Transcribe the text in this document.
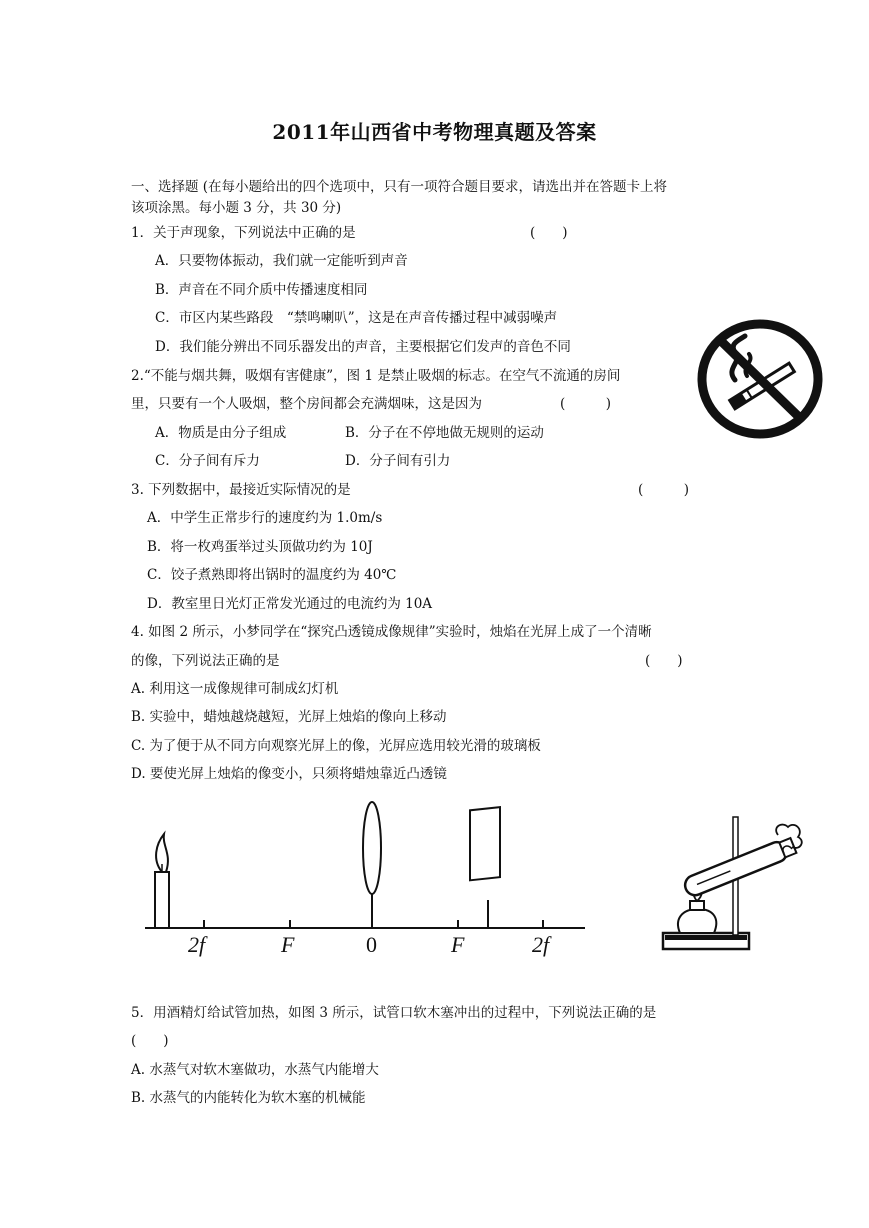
2011年山西省中考物理真题及答案
一、选择题 (在每小题给出的四个选项中，只有一项符合题目要求，请选出并在答题卡上将
该项涂黑。每小题 3 分，共 30 分)
1．关于声现象，下列说法中正确的是	(　　)
A．只要物体振动，我们就一定能听到声音
B．声音在不同介质中传播速度相同
C．市区内某些路段　“禁鸣喇叭”，这是在声音传播过程中减弱噪声
D．我们能分辨出不同乐器发出的声音，主要根据它们发声的音色不同
2.“不能与烟共舞，吸烟有害健康”，图 1 是禁止吸烟的标志。在空气不流通的房间
里，只要有一个人吸烟，整个房间都会充满烟味，这是因为	(　　　)
A．物质是由分子组成	B．分子在不停地做无规则的运动
C．分子间有斥力	D．分子间有引力
3. 下列数据中，最接近实际情况的是	(　　　)
A．中学生正常步行的速度约为 1.0m/s
B．将一枚鸡蛋举过头顶做功约为 10J
C．饺子煮熟即将出锅时的温度约为 40℃
D．教室里日光灯正常发光通过的电流约为 10A
4. 如图 2 所示，小梦同学在“探究凸透镜成像规律”实验时，烛焰在光屏上成了一个清晰
的像，下列说法正确的是	(　　)
A. 利用这一成像规律可制成幻灯机
B. 实验中，蜡烛越烧越短，光屏上烛焰的像向上移动
C. 为了便于从不同方向观察光屏上的像，光屏应选用较光滑的玻璃板
D. 要使光屏上烛焰的像变小，只须将蜡烛靠近凸透镜
2f	F	0	F	2f
5．用酒精灯给试管加热，如图 3 所示，试管口软木塞冲出的过程中，下列说法正确的是
(　　)
A. 水蒸气对软木塞做功，水蒸气内能增大
B. 水蒸气的内能转化为软木塞的机械能
